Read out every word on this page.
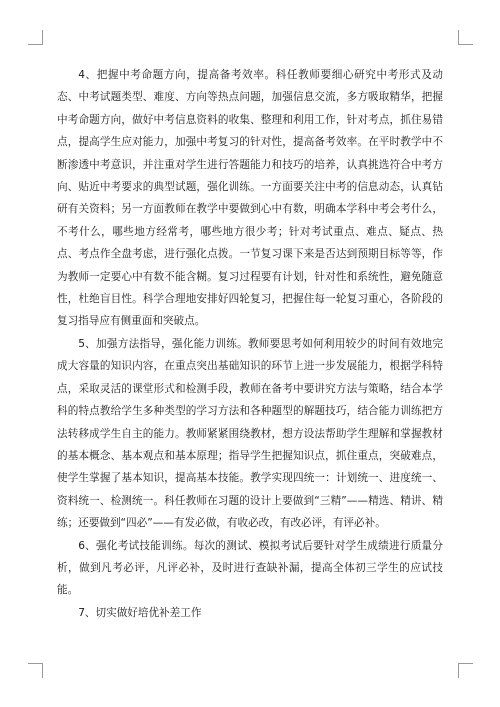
4、把握中考命题方向，提高备考效率。科任教师要细心研究中考形式及动态、中考试题类型、难度、方向等热点问题，加强信息交流，多方吸取精华，把握中考命题方向，做好中考信息资料的收集、整理和利用工作，针对考点，抓住易错点，提高学生应对能力，加强中考复习的针对性，提高备考效率。在平时教学中不断渗透中考意识，并注重对学生进行答题能力和技巧的培养，认真挑选符合中考方向、贴近中考要求的典型试题，强化训练。一方面要关注中考的信息动态，认真钻研有关资料；另一方面教师在教学中要做到心中有数，明确本学科中考会考什么，不考什么，哪些地方经常考，哪些地方很少考；针对考试重点、难点、疑点、热点、考点作全盘考虑，进行强化点拨。一节复习课下来是否达到预期目标等等，作为教师一定要心中有数不能含糊。复习过程要有计划，针对性和系统性，避免随意性，杜绝盲目性。科学合理地安排好四轮复习，把握住每一轮复习重心，各阶段的复习指导应有侧重面和突破点。

5、加强方法指导，强化能力训练。教师要思考如何利用较少的时间有效地完成大容量的知识内容，在重点突出基础知识的环节上进一步发展能力，根据学科特点，采取灵活的课堂形式和检测手段，教师在备考中要讲究方法与策略，结合本学科的特点教给学生多种类型的学习方法和各种题型的解题技巧，结合能力训练把方法转移成学生自主的能力。教师紧紧围绕教材，想方设法帮助学生理解和掌握教材的基本概念、基本观点和基本原理；指导学生把握知识点，抓住重点，突破难点，使学生掌握了基本知识，提高基本技能。教学实现四统一：计划统一、进度统一、资料统一、检测统一。科任教师在习题的设计上要做到“三精”——精选、精讲、精练；还要做到“四必”——有发必做，有收必改，有改必评，有评必补。

6、强化考试技能训练。每次的测试、模拟考试后要针对学生成绩进行质量分析，做到凡考必评，凡评必补，及时进行查缺补漏，提高全体初三学生的应试技能。

7、切实做好培优补差工作
